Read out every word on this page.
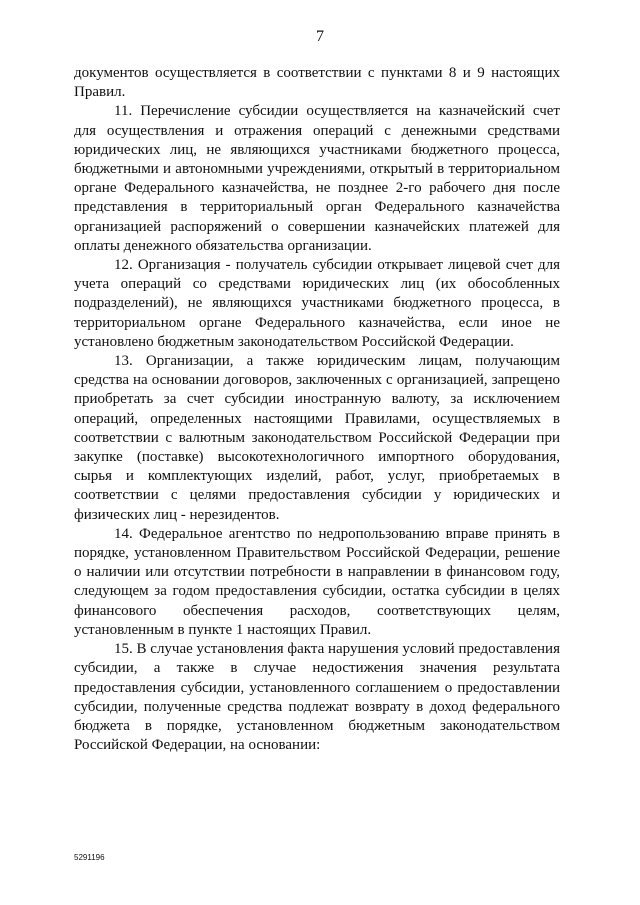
7

документов осуществляется в соответствии с пунктами 8 и 9 настоящих Правил.

11. Перечисление субсидии осуществляется на казначейский счет для осуществления и отражения операций с денежными средствами юридических лиц, не являющихся участниками бюджетного процесса, бюджетными и автономными учреждениями, открытый в территориальном органе Федерального казначейства, не позднее 2-го рабочего дня после представления в территориальный орган Федерального казначейства организацией распоряжений о совершении казначейских платежей для оплаты денежного обязательства организации.

12. Организация - получатель субсидии открывает лицевой счет для учета операций со средствами юридических лиц (их обособленных подразделений), не являющихся участниками бюджетного процесса, в территориальном органе Федерального казначейства, если иное не установлено бюджетным законодательством Российской Федерации.

13. Организации, а также юридическим лицам, получающим средства на основании договоров, заключенных с организацией, запрещено приобретать за счет субсидии иностранную валюту, за исключением операций, определенных настоящими Правилами, осуществляемых в соответствии с валютным законодательством Российской Федерации при закупке (поставке) высокотехнологичного импортного оборудования, сырья и комплектующих изделий, работ, услуг, приобретаемых в соответствии с целями предоставления субсидии у юридических и физических лиц - нерезидентов.

14. Федеральное агентство по недропользованию вправе принять в порядке, установленном Правительством Российской Федерации, решение о наличии или отсутствии потребности в направлении в финансовом году, следующем за годом предоставления субсидии, остатка субсидии в целях финансового обеспечения расходов, соответствующих целям, установленным в пункте 1 настоящих Правил.

15. В случае установления факта нарушения условий предоставления субсидии, а также в случае недостижения значения результата предоставления субсидии, установленного соглашением о предоставлении субсидии, полученные средства подлежат возврату в доход федерального бюджета в порядке, установленном бюджетным законодательством Российской Федерации, на основании:

5291196
